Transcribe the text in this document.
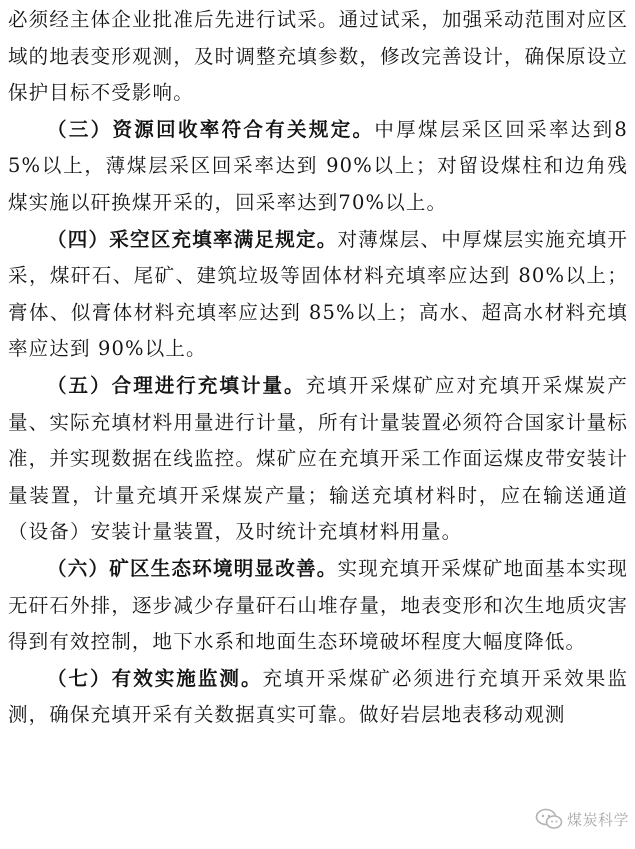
必须经主体企业批准后先进行试采。通过试采，加强采动范围对应区域的地表变形观测，及时调整充填参数，修改完善设计，确保原设立保护目标不受影响。

（三）资源回收率符合有关规定。中厚煤层采区回采率达到85%以上，薄煤层采区回采率达到 90%以上；对留设煤柱和边角残煤实施以矸换煤开采的，回采率达到70%以上。

（四）采空区充填率满足规定。对薄煤层、中厚煤层实施充填开采，煤矸石、尾矿、建筑垃圾等固体材料充填率应达到 80%以上；膏体、似膏体材料充填率应达到 85%以上；高水、超高水材料充填率应达到 90%以上。

（五）合理进行充填计量。充填开采煤矿应对充填开采煤炭产量、实际充填材料用量进行计量，所有计量装置必须符合国家计量标准，并实现数据在线监控。煤矿应在充填开采工作面运煤皮带安装计量装置，计量充填开采煤炭产量；输送充填材料时，应在输送通道（设备）安装计量装置，及时统计充填材料用量。

（六）矿区生态环境明显改善。实现充填开采煤矿地面基本实现无矸石外排，逐步减少存量矸石山堆存量，地表变形和次生地质灾害得到有效控制，地下水系和地面生态环境破坏程度大幅度降低。

（七）有效实施监测。充填开采煤矿必须进行充填开采效果监测，确保充填开采有关数据真实可靠。做好岩层地表移动观测

煤炭科学
